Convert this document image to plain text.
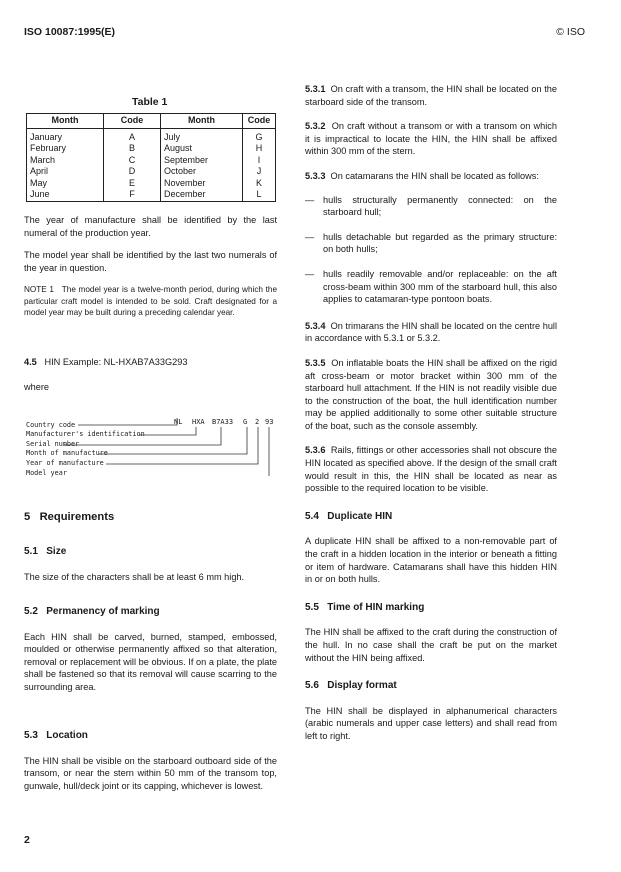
ISO 10087:1995(E)	© ISO
Table 1
Month	Code	Month	Code
January	A	July	G
February	B	August	H
March	C	September	I
April	D	October	J
May	E	November	K
June	F	December	L

The year of manufacture shall be identified by the last numeral of the production year.

The model year shall be identified by the last two numerals of the year in question.

NOTE 1 The model year is a twelve-month period, during which the particular craft model is intended to be sold. Craft designated for a model year may be built during a preceding calendar year.

4.5 HIN Example: NL-HXAB7A33G293

where

NL HXA B7A33 G 2 93
Country code
Manufacturer's identification
Serial number
Month of manufacture
Year of manufacture
Model year

5 Requirements

5.1 Size

The size of the characters shall be at least 6 mm high.

5.2 Permanency of marking

Each HIN shall be carved, burned, stamped, embossed, moulded or otherwise permanently affixed so that alteration, removal or replacement will be obvious. If on a plate, the plate shall be fastened so that its removal will cause scarring to the surrounding area.

5.3 Location

The HIN shall be visible on the starboard outboard side of the transom, or near the stern within 50 mm of the transom top, gunwale, hull/deck joint or its capping, whichever is lowest.

5.3.1 On craft with a transom, the HIN shall be located on the starboard side of the transom.

5.3.2 On craft without a transom or with a transom on which it is impractical to locate the HIN, the HIN shall be affixed within 300 mm of the stern.

5.3.3 On catamarans the HIN shall be located as follows:

— hulls structurally permanently connected: on the starboard hull;
— hulls detachable but regarded as the primary structure: on both hulls;
— hulls readily removable and/or replaceable: on the aft cross-beam within 300 mm of the starboard hull, this also applies to catamaran-type pontoon boats.

5.3.4 On trimarans the HIN shall be located on the centre hull in accordance with 5.3.1 or 5.3.2.

5.3.5 On inflatable boats the HIN shall be affixed on the rigid aft cross-beam or motor bracket within 300 mm of the starboard hull attachment. If the HIN is not readily visible due to the construction of the boat, the hull identification number may be applied additionally to some other suitable structure of the boat, such as the console assembly.

5.3.6 Rails, fittings or other accessories shall not obscure the HIN located as specified above. If the design of the small craft would result in this, the HIN shall be located as near as possible to the required location to be visible.

5.4 Duplicate HIN

A duplicate HIN shall be affixed to a non-removable part of the craft in a hidden location in the interior or beneath a fitting or item of hardware. Catamarans shall have this hidden HIN in or on both hulls.

5.5 Time of HIN marking

The HIN shall be affixed to the craft during the construction of the hull. In no case shall the craft be put on the market without the HIN being affixed.

5.6 Display format

The HIN shall be displayed in alphanumerical characters (arabic numerals and upper case letters) and shall read from left to right.

2
